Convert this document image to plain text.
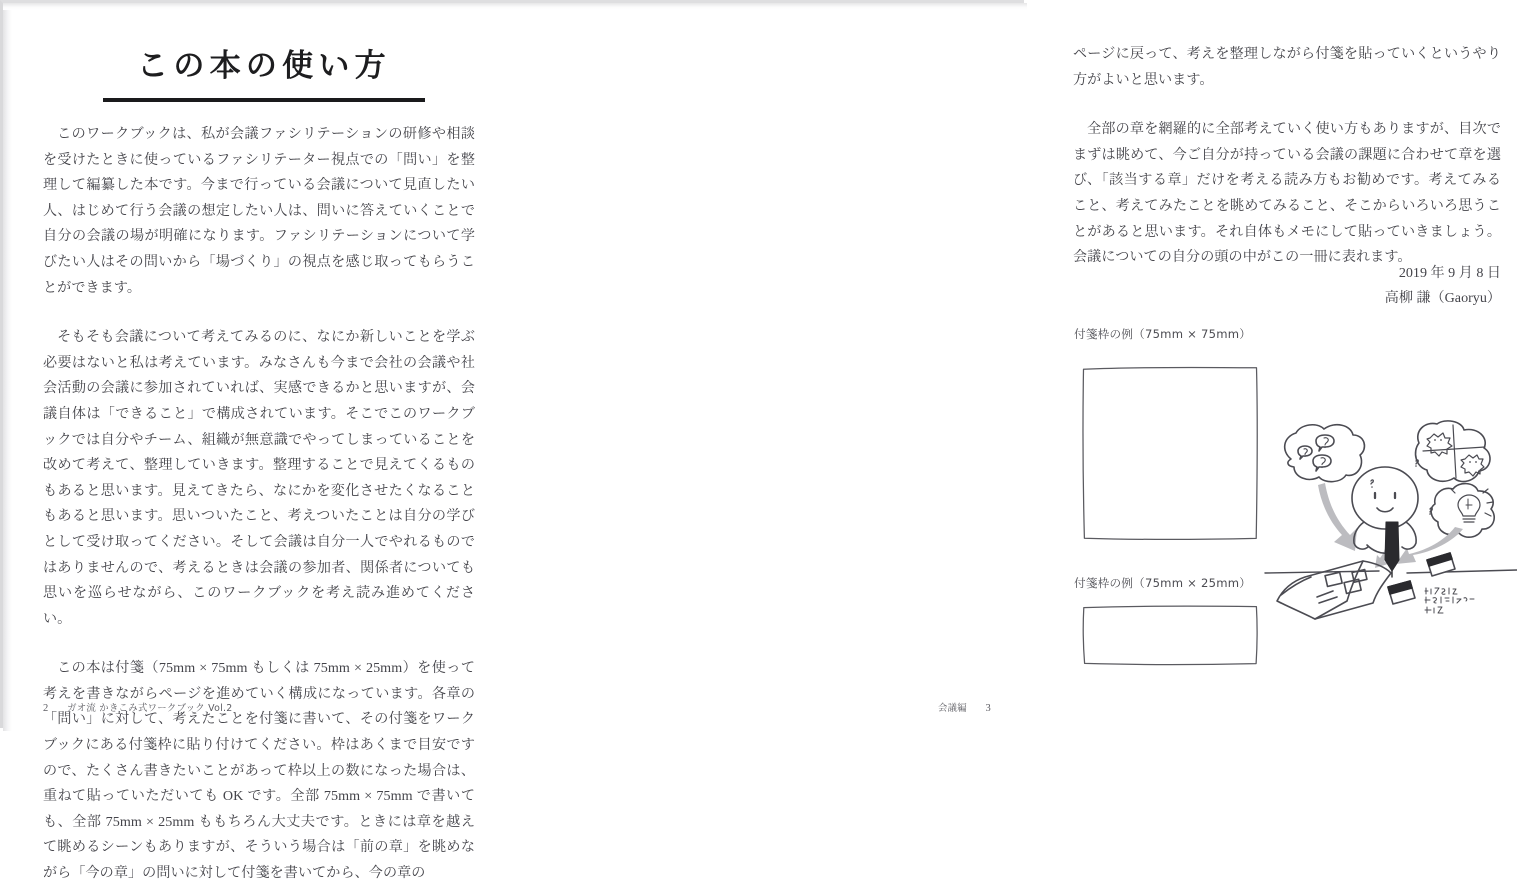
この本の使い方

このワークブックは、私が会議ファシリテーションの研修や相談を受けたときに使っているファシリテーター視点での「問い」を整理して編纂した本です。今まで行っている会議について見直したい人、はじめて行う会議の想定したい人は、問いに答えていくことで自分の会議の場が明確になります。ファシリテーションについて学びたい人はその問いから「場づくり」の視点を感じ取ってもらうことができます。

そもそも会議について考えてみるのに、なにか新しいことを学ぶ必要はないと私は考えています。みなさんも今まで会社の会議や社会活動の会議に参加されていれば、実感できるかと思いますが、会議自体は「できること」で構成されています。そこでこのワークブックでは自分やチーム、組織が無意識でやってしまっていることを改めて考えて、整理していきます。整理することで見えてくるものもあると思います。見えてきたら、なにかを変化させたくなることもあると思います。思いついたこと、考えついたことは自分の学びとして受け取ってください。そして会議は自分一人でやれるものではありませんので、考えるときは会議の参加者、関係者についても思いを巡らせながら、このワークブックを考え読み進めてください。

この本は付箋（75mm × 75mm もしくは 75mm × 25mm）を使って考えを書きながらページを進めていく構成になっています。各章の「問い」に対して、考えたことを付箋に書いて、その付箋をワークブックにある付箋枠に貼り付けてください。枠はあくまで目安ですので、たくさん書きたいことがあって枠以上の数になった場合は、重ねて貼っていただいても OK です。全部 75mm × 75mm で書いても、全部 75mm × 25mm ももちろん大丈夫です。ときには章を越えて眺めるシーンもありますが、そういう場合は「前の章」を眺めながら「今の章」の問いに対して付箋を書いてから、今の章の

2 ガオ流 かきこみ式ワークブック Vol.2

ページに戻って、考えを整理しながら付箋を貼っていくというやり方がよいと思います。

全部の章を網羅的に全部考えていく使い方もありますが、目次でまずは眺めて、今ご自分が持っている会議の課題に合わせて章を選び、「該当する章」だけを考える読み方もお勧めです。考えてみること、考えてみたことを眺めてみること、そこからいろいろ思うことがあると思います。それ自体もメモにして貼っていきましょう。会議についての自分の頭の中がこの一冊に表れます。

2019 年 9 月 8 日
高柳 謙（Gaoryu）
付箋枠の例（75mm × 75mm）
付箋枠の例（75mm × 25mm）
会議編 3
